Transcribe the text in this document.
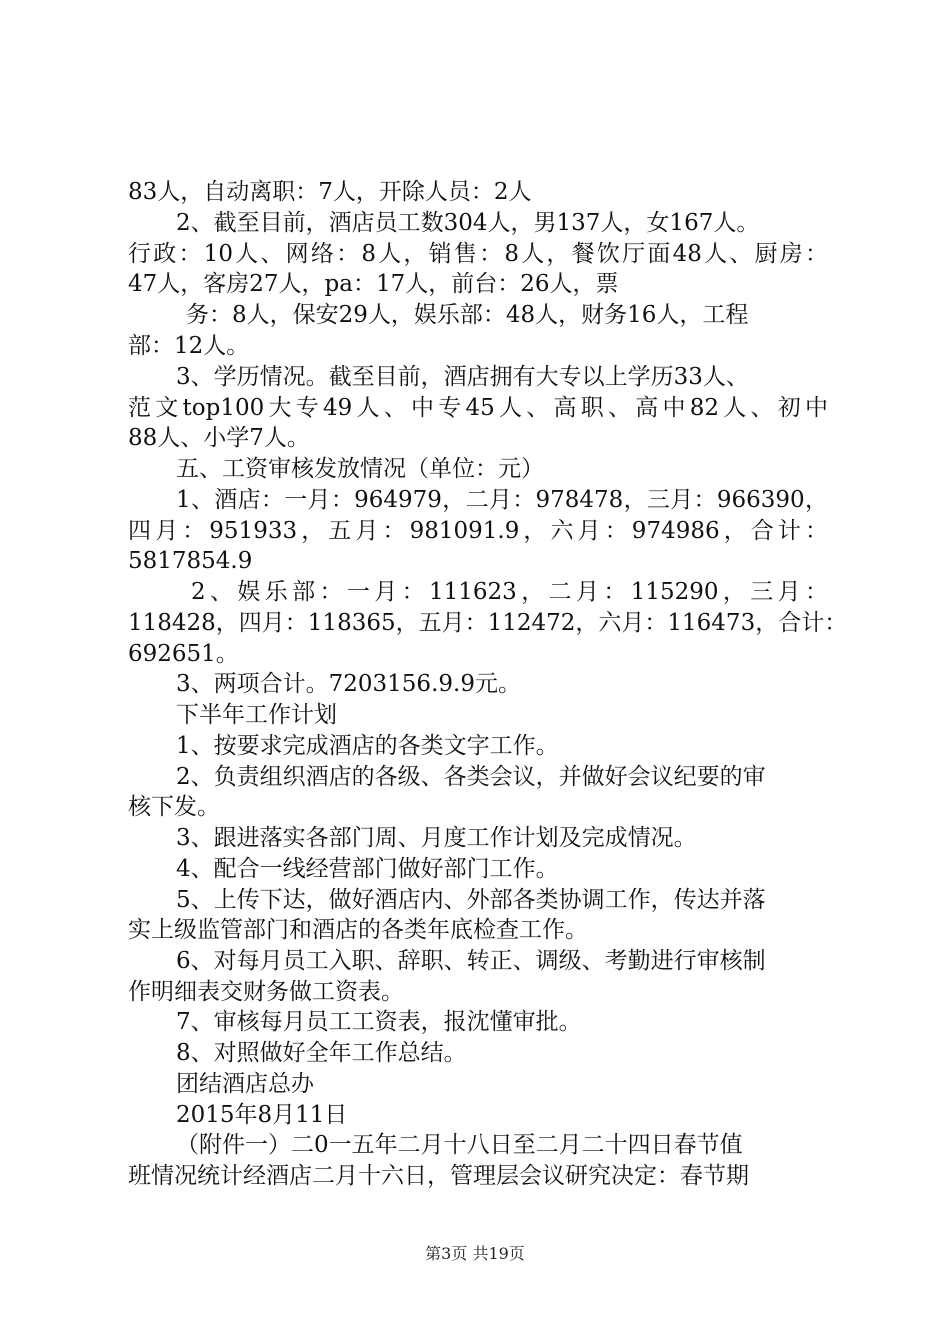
83人，自动离职：7人，开除人员：2人
2、截至目前，酒店员工数304人，男137人，女167人。
行政：10人、网络：8人，销售：8人，餐饮厅面48人、厨房：
47人，客房27人，pa：17人，前台：26人，票
务：8人，保安29人，娱乐部：48人，财务16人，工程
部：12人。
3、学历情况。截至目前，酒店拥有大专以上学历33人、
范文top100大专49人、中专45人、高职、高中82人、初中
88人、小学7人。
五、工资审核发放情况（单位：元）
1、酒店：一月：964979，二月：978478，三月：966390，
四月：951933，五月：981091.9，六月：974986，合计：
5817854.9
2、娱乐部：一月：111623，二月：115290，三月：
118428，四月：118365，五月：112472，六月：116473，合计：
692651。
3、两项合计。7203156.9.9元。
下半年工作计划
1、按要求完成酒店的各类文字工作。
2、负责组织酒店的各级、各类会议，并做好会议纪要的审
核下发。
3、跟进落实各部门周、月度工作计划及完成情况。
4、配合一线经营部门做好部门工作。
5、上传下达，做好酒店内、外部各类协调工作，传达并落
实上级监管部门和酒店的各类年底检查工作。
6、对每月员工入职、辞职、转正、调级、考勤进行审核制
作明细表交财务做工资表。
7、审核每月员工工资表，报沈懂审批。
8、对照做好全年工作总结。
团结酒店总办
2015年8月11日
（附件一）二0一五年二月十八日至二月二十四日春节值
班情况统计经酒店二月十六日，管理层会议研究决定：春节期
第3页 共19页
